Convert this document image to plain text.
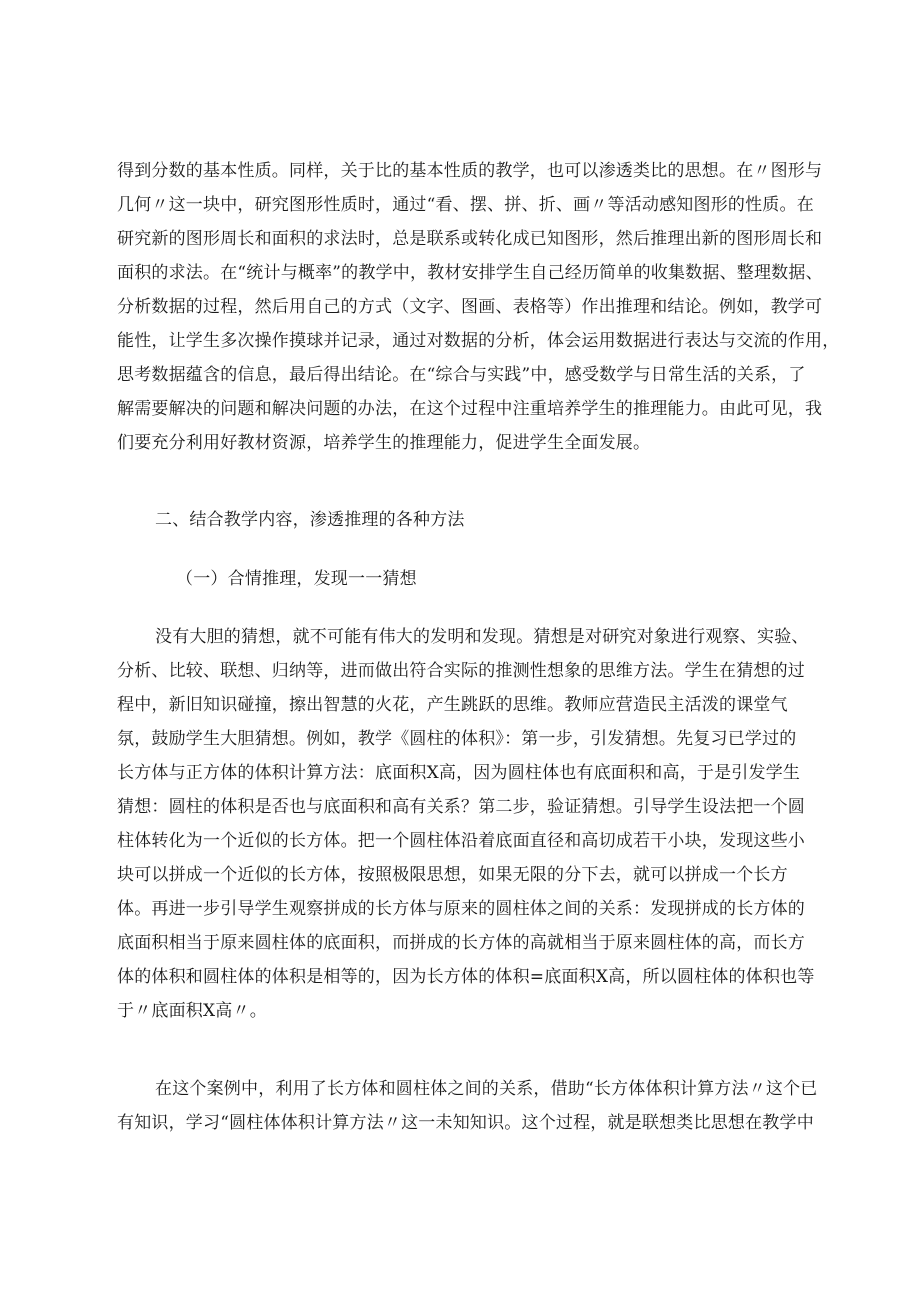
得到分数的基本性质。同样，关于比的基本性质的教学，也可以渗透类比的思想。在〃图形与
几何〃这一块中，研究图形性质时，通过“看、摆、拼、折、画〃等活动感知图形的性质。在
研究新的图形周长和面积的求法时，总是联系或转化成已知图形，然后推理出新的图形周长和
面积的求法。在“统计与概率”的教学中，教材安排学生自己经历简单的收集数据、整理数据、
分析数据的过程，然后用自己的方式（文字、图画、表格等）作出推理和结论。例如，教学可
能性，让学生多次操作摸球并记录，通过对数据的分析，体会运用数据进行表达与交流的作用，
思考数据蕴含的信息，最后得出结论。在“综合与实践”中，感受数学与日常生活的关系，了
解需要解决的问题和解决问题的办法，在这个过程中注重培养学生的推理能力。由此可见，我
们要充分利用好教材资源，培养学生的推理能力，促进学生全面发展。
二、结合教学内容，渗透推理的各种方法
（一）合情推理，发现一一猜想
没有大胆的猜想，就不可能有伟大的发明和发现。猜想是对研究对象进行观察、实验、
分析、比较、联想、归纳等，进而做出符合实际的推测性想象的思维方法。学生在猜想的过
程中，新旧知识碰撞，擦出智慧的火花，产生跳跃的思维。教师应营造民主活泼的课堂气
氛，鼓励学生大胆猜想。例如，教学《圆柱的体积》：第一步，引发猜想。先复习已学过的
长方体与正方体的体积计算方法：底面积X高，因为圆柱体也有底面积和高，于是引发学生
猜想：圆柱的体积是否也与底面积和高有关系？第二步，验证猜想。引导学生设法把一个圆
柱体转化为一个近似的长方体。把一个圆柱体沿着底面直径和高切成若干小块，发现这些小
块可以拼成一个近似的长方体，按照极限思想，如果无限的分下去，就可以拼成一个长方
体。再进一步引导学生观察拼成的长方体与原来的圆柱体之间的关系：发现拼成的长方体的
底面积相当于原来圆柱体的底面积，而拼成的长方体的高就相当于原来圆柱体的高，而长方
体的体积和圆柱体的体积是相等的，因为长方体的体积=底面积X高，所以圆柱体的体积也等
于〃底面积X高〃。
在这个案例中，利用了长方体和圆柱体之间的关系，借助“长方体体积计算方法〃这个已
有知识，学习“圆柱体体积计算方法〃这一未知知识。这个过程，就是联想类比思想在教学中
